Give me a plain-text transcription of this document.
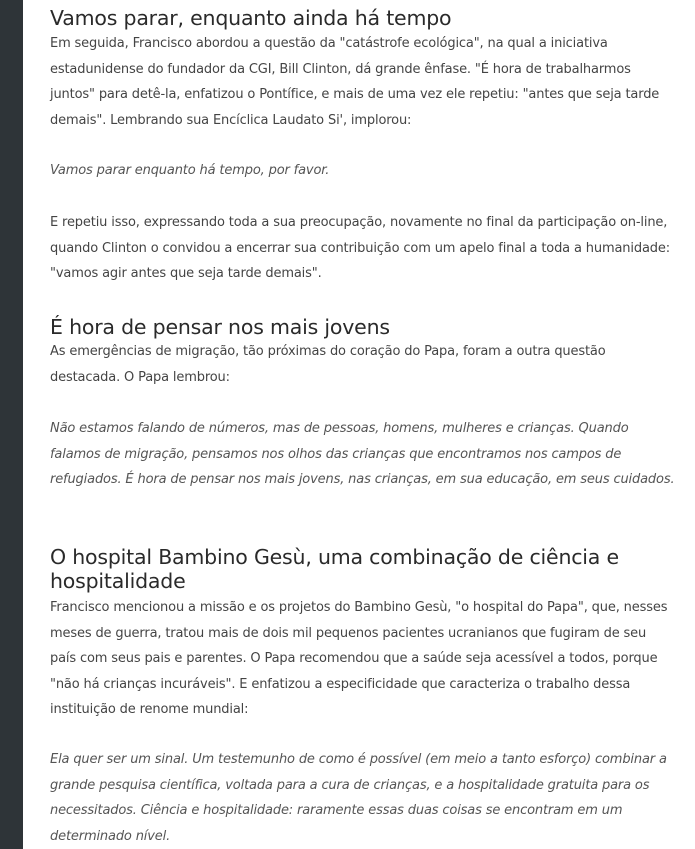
Vamos parar, enquanto ainda há tempo

Em seguida, Francisco abordou a questão da "catástrofe ecológica", na qual a iniciativa estadunidense do fundador da CGI, Bill Clinton, dá grande ênfase. "É hora de trabalharmos juntos" para detê-la, enfatizou o Pontífice, e mais de uma vez ele repetiu: "antes que seja tarde demais". Lembrando sua Encíclica Laudato Si', implorou:

Vamos parar enquanto há tempo, por favor.

E repetiu isso, expressando toda a sua preocupação, novamente no final da participação on-line, quando Clinton o convidou a encerrar sua contribuição com um apelo final a toda a humanidade: "vamos agir antes que seja tarde demais".

É hora de pensar nos mais jovens

As emergências de migração, tão próximas do coração do Papa, foram a outra questão destacada. O Papa lembrou:

Não estamos falando de números, mas de pessoas, homens, mulheres e crianças. Quando falamos de migração, pensamos nos olhos das crianças que encontramos nos campos de refugiados. É hora de pensar nos mais jovens, nas crianças, em sua educação, em seus cuidados.

O hospital Bambino Gesù, uma combinação de ciência e hospitalidade

Francisco mencionou a missão e os projetos do Bambino Gesù, "o hospital do Papa", que, nesses meses de guerra, tratou mais de dois mil pequenos pacientes ucranianos que fugiram de seu país com seus pais e parentes. O Papa recomendou que a saúde seja acessível a todos, porque "não há crianças incuráveis". E enfatizou a especificidade que caracteriza o trabalho dessa instituição de renome mundial:

Ela quer ser um sinal. Um testemunho de como é possível (em meio a tanto esforço) combinar a grande pesquisa científica, voltada para a cura de crianças, e a hospitalidade gratuita para os necessitados. Ciência e hospitalidade: raramente essas duas coisas se encontram em um determinado nível.
